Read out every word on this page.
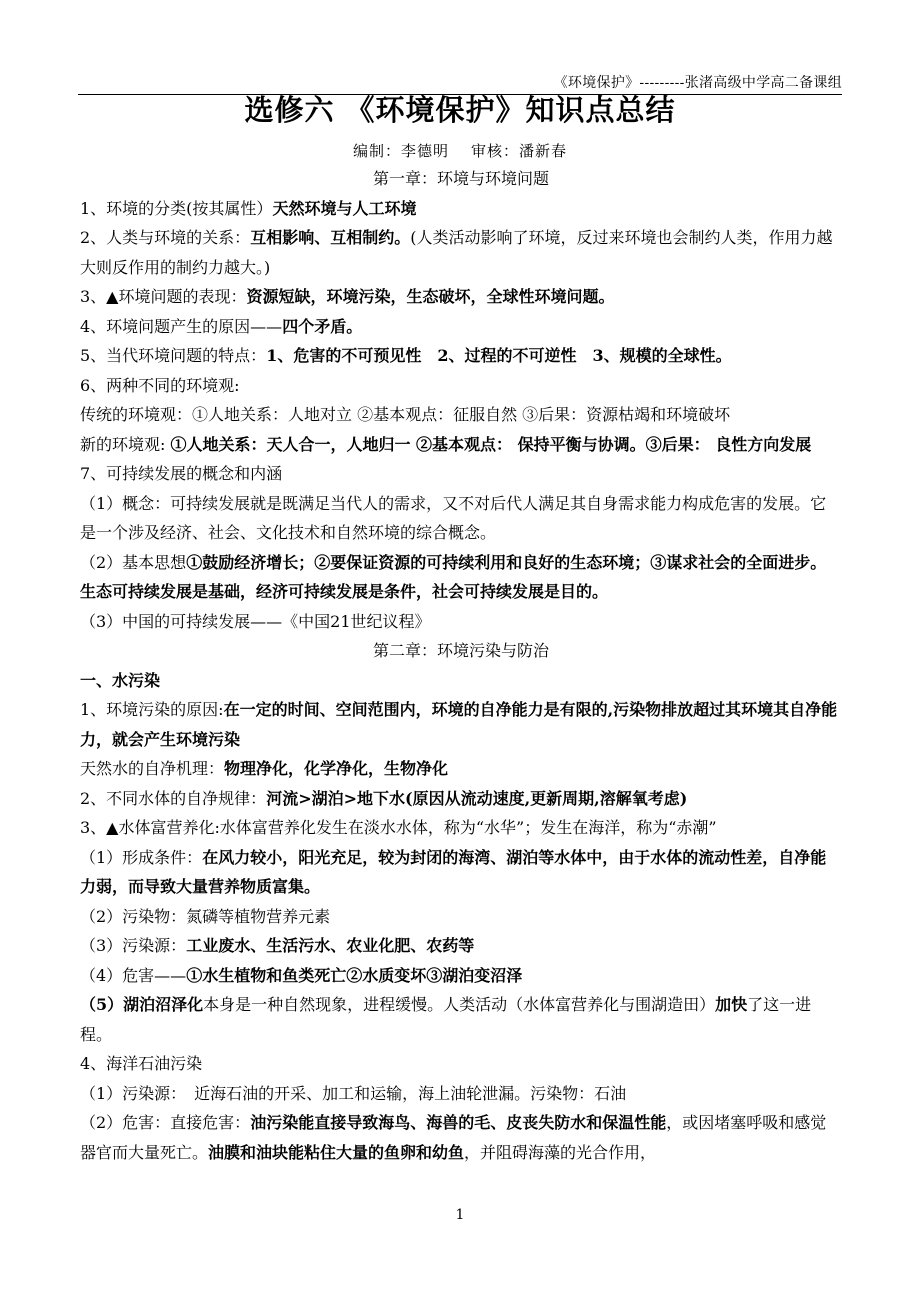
《环境保护》---------张渚高级中学高二备课组
选修六 《环境保护》知识点总结
编制：李德明 审核：潘新春

第一章：环境与环境问题

1、环境的分类(按其属性）天然环境与人工环境

2、人类与环境的关系：互相影响、互相制约。(人类活动影响了环境，反过来环境也会制约人类，作用力越大则反作用的制约力越大。)

3、▲环境问题的表现：资源短缺，环境污染，生态破坏，全球性环境问题。

4、环境问题产生的原因——四个矛盾。

5、当代环境问题的特点：1、危害的不可预见性　2、过程的不可逆性　3、规模的全球性。

6、两种不同的环境观:

传统的环境观：①人地关系：人地对立 ②基本观点：征服自然 ③后果：资源枯竭和环境破坏

新的环境观: ①人地关系：天人合一，人地归一 ②基本观点： 保持平衡与协调。③后果： 良性方向发展

7、可持续发展的概念和内涵

（1）概念：可持续发展就是既满足当代人的需求，又不对后代人满足其自身需求能力构成危害的发展。它是一个涉及经济、社会、文化技术和自然环境的综合概念。

（2）基本思想①鼓励经济增长；②要保证资源的可持续利用和良好的生态环境；③谋求社会的全面进步。生态可持续发展是基础，经济可持续发展是条件，社会可持续发展是目的。

（3）中国的可持续发展——《中国21世纪议程》

第二章：环境污染与防治

一、水污染

1、环境污染的原因:在一定的时间、空间范围内，环境的自净能力是有限的,污染物排放超过其环境其自净能力，就会产生环境污染

天然水的自净机理：物理净化，化学净化，生物净化

2、不同水体的自净规律：河流>湖泊>地下水(原因从流动速度,更新周期,溶解氧考虑)

3、▲水体富营养化:水体富营养化发生在淡水水体，称为“水华”；发生在海洋，称为“赤潮”

（1）形成条件：在风力较小，阳光充足，较为封闭的海湾、湖泊等水体中，由于水体的流动性差，自净能力弱，而导致大量营养物质富集。

（2）污染物：氮磷等植物营养元素

（3）污染源：工业废水、生活污水、农业化肥、农药等

（4）危害——①水生植物和鱼类死亡②水质变坏③湖泊变沼泽

（5）湖泊沼泽化本身是一种自然现象，进程缓慢。人类活动（水体富营养化与围湖造田）加快了这一进程。

4、海洋石油污染

（1）污染源：　近海石油的开采、加工和运输，海上油轮泄漏。污染物：石油

（2）危害：直接危害：油污染能直接导致海鸟、海兽的毛、皮丧失防水和保温性能，或因堵塞呼吸和感觉器官而大量死亡。油膜和油块能粘住大量的鱼卵和幼鱼，并阻碍海藻的光合作用，

1
